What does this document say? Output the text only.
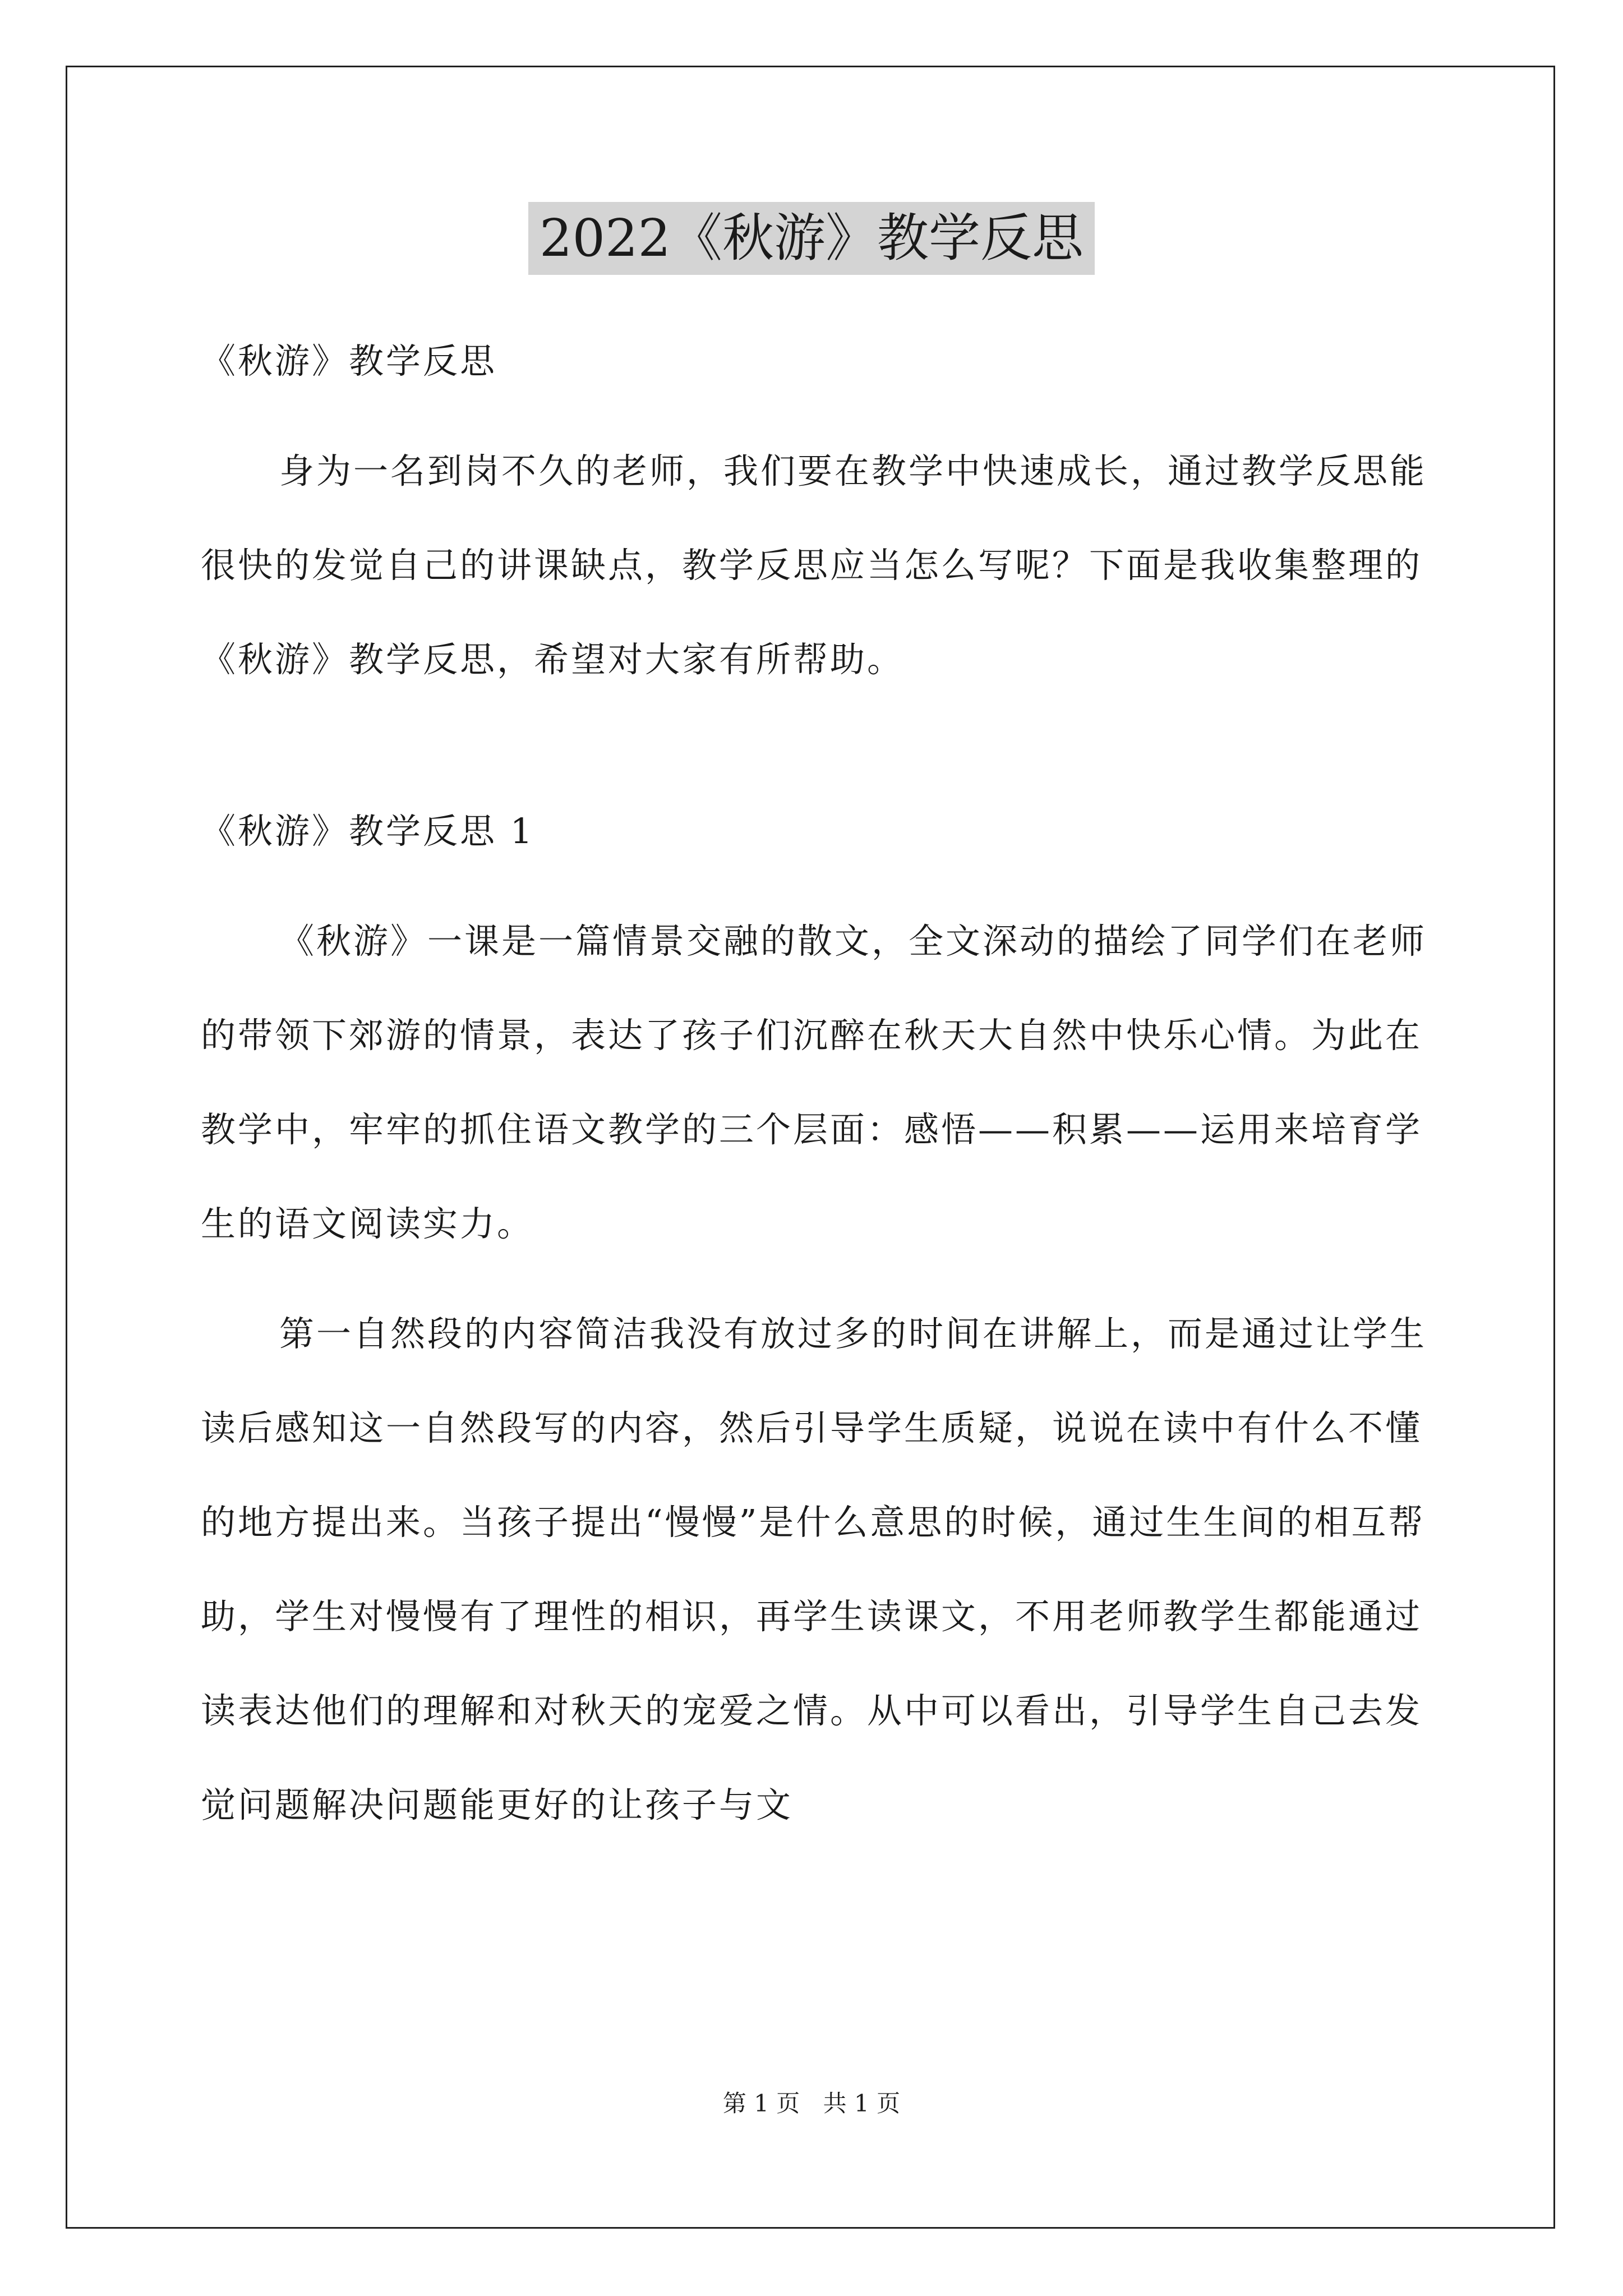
2022《秋游》教学反思

《秋游》教学反思

身为一名到岗不久的老师，我们要在教学中快速成长，通过教学反思能很快的发觉自己的讲课缺点，教学反思应当怎么写呢？下面是我收集整理的《秋游》教学反思，希望对大家有所帮助。

《秋游》教学反思 1

《秋游》一课是一篇情景交融的散文，全文深动的描绘了同学们在老师的带领下郊游的情景，表达了孩子们沉醉在秋天大自然中快乐心情。为此在教学中，牢牢的抓住语文教学的三个层面：感悟——积累——运用来培育学生的语文阅读实力。

第一自然段的内容简洁我没有放过多的时间在讲解上，而是通过让学生读后感知这一自然段写的内容，然后引导学生质疑，说说在读中有什么不懂的地方提出来。当孩子提出“慢慢”是什么意思的时候，通过生生间的相互帮助，学生对慢慢有了理性的相识，再学生读课文，不用老师教学生都能通过读表达他们的理解和对秋天的宠爱之情。从中可以看出，引导学生自己去发觉问题解决问题能更好的让孩子与文

第 1 页 共 1 页
